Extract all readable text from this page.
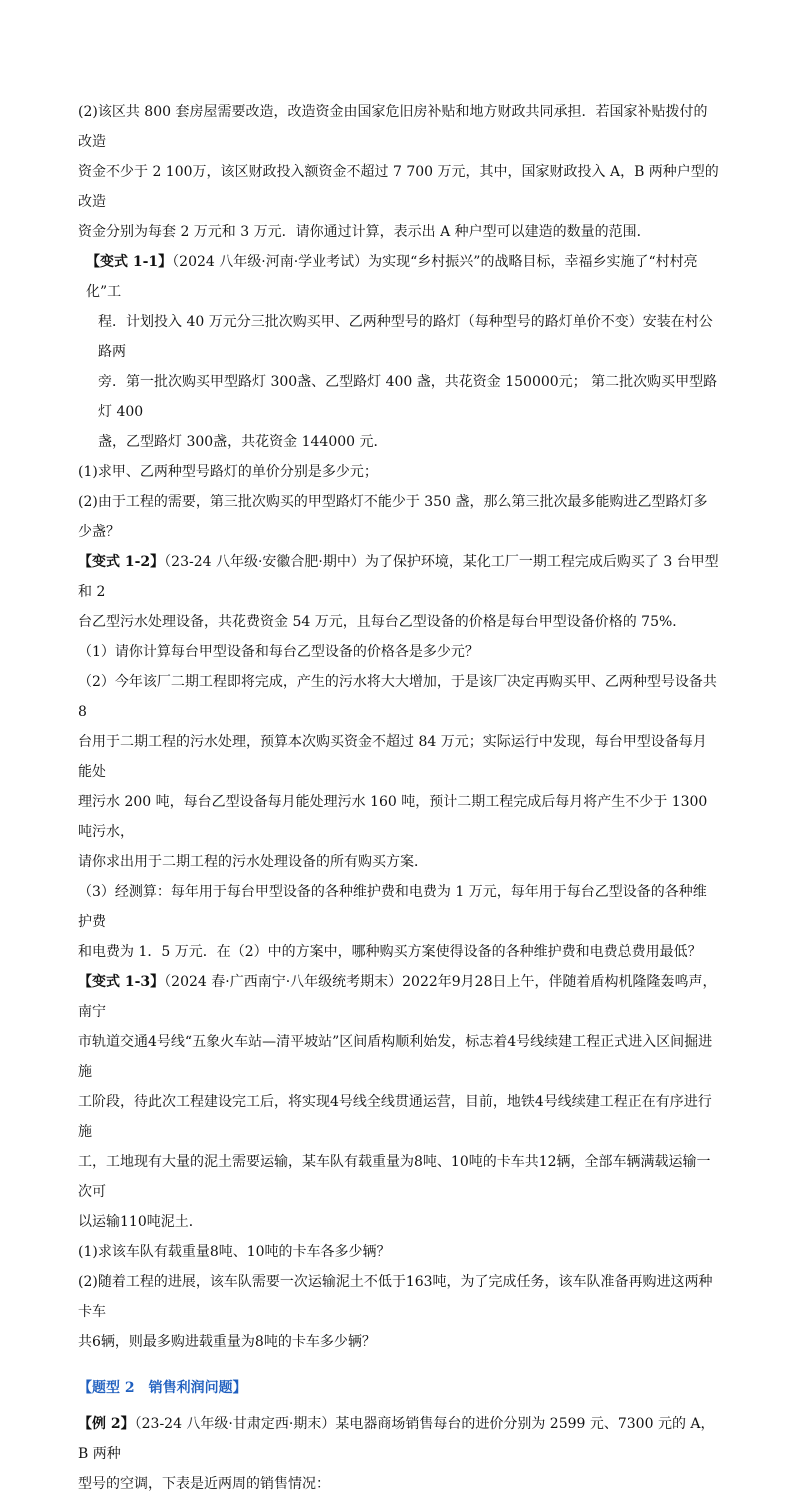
(2)该区共 800 套房屋需要改造，改造资金由国家危旧房补贴和地方财政共同承担．若国家补贴拨付的改造
资金不少于 2 100万，该区财政投入额资金不超过 7 700 万元，其中，国家财政投入 A，B 两种户型的改造
资金分别为每套 2 万元和 3 万元．请你通过计算，表示出 A 种户型可以建造的数量的范围．

【变式 1-1】（2024 八年级·河南·学业考试）为实现“乡村振兴”的战略目标，幸福乡实施了“村村亮化”工
程．计划投入 40 万元分三批次购买甲、乙两种型号的路灯（每种型号的路灯单价不变）安装在村公路两
旁．第一批次购买甲型路灯 300盏、乙型路灯 400 盏，共花资金 150000元； 第二批次购买甲型路灯 400
盏，乙型路灯 300盏，共花资金 144000 元．

(1)求甲、乙两种型号路灯的单价分别是多少元；

(2)由于工程的需要，第三批次购买的甲型路灯不能少于 350 盏，那么第三批次最多能购进乙型路灯多少盏？

【变式 1-2】（23-24 八年级·安徽合肥·期中）为了保护环境，某化工厂一期工程完成后购买了 3 台甲型和 2
台乙型污水处理设备，共花费资金 54 万元，且每台乙型设备的价格是每台甲型设备价格的 75%．

（1）请你计算每台甲型设备和每台乙型设备的价格各是多少元？

（2）今年该厂二期工程即将完成，产生的污水将大大增加，于是该厂决定再购买甲、乙两种型号设备共 8
台用于二期工程的污水处理，预算本次购买资金不超过 84 万元；实际运行中发现，每台甲型设备每月能处
理污水 200 吨，每台乙型设备每月能处理污水 160 吨，预计二期工程完成后每月将产生不少于 1300 吨污水，
请你求出用于二期工程的污水处理设备的所有购买方案．

（3）经测算：每年用于每台甲型设备的各种维护费和电费为 1 万元，每年用于每台乙型设备的各种维护费
和电费为 1．5 万元．在（2）中的方案中，哪种购买方案使得设备的各种维护费和电费总费用最低？

【变式 1-3】（2024 春·广西南宁·八年级统考期末）2022年9月28日上午，伴随着盾构机隆隆轰鸣声，南宁
市轨道交通4号线“五象火车站—清平坡站”区间盾构顺利始发，标志着4号线续建工程正式进入区间掘进施
工阶段，待此次工程建设完工后，将实现4号线全线贯通运营，目前，地铁4号线续建工程正在有序进行施
工，工地现有大量的泥土需要运输，某车队有载重量为8吨、10吨的卡车共12辆，全部车辆满载运输一次可
以运输110吨泥土．

(1)求该车队有载重量8吨、10吨的卡车各多少辆？

(2)随着工程的进展，该车队需要一次运输泥土不低于163吨，为了完成任务，该车队准备再购进这两种卡车
共6辆，则最多购进载重量为8吨的卡车多少辆？

【题型 2　销售利润问题】

【例 2】（23-24 八年级·甘肃定西·期末）某电器商场销售每台的进价分别为 2599 元、7300 元的 A，B 两种
型号的空调，下表是近两周的销售情况：
